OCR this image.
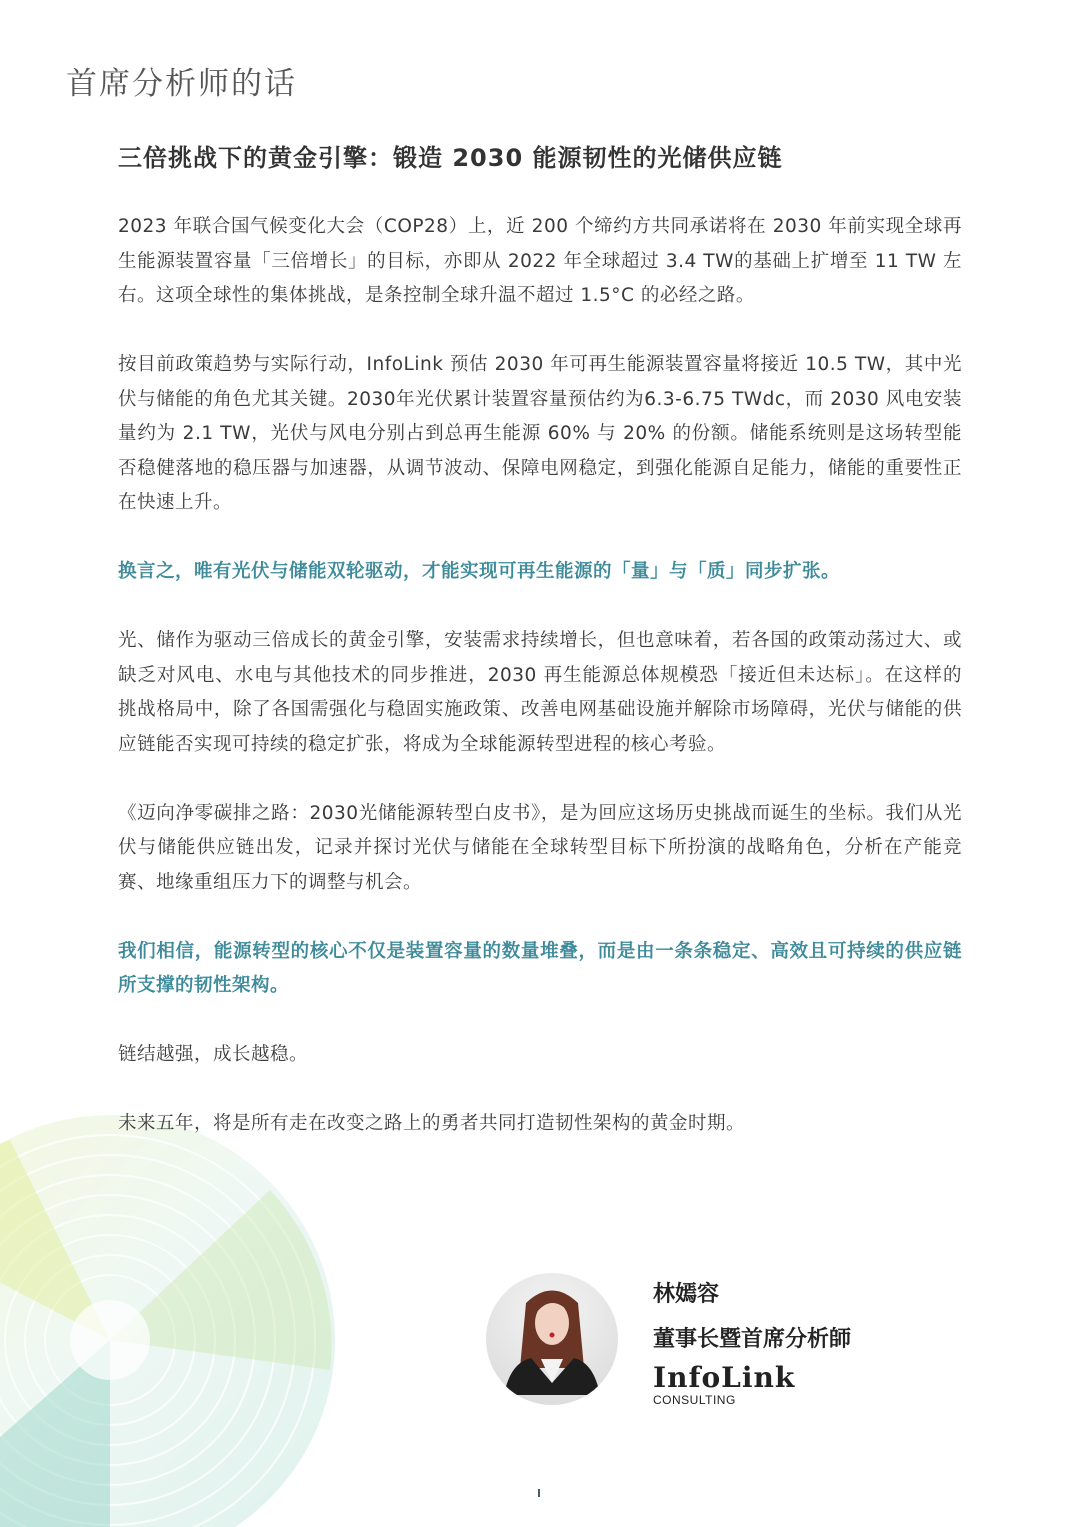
首席分析师的话
三倍挑战下的黄金引擎：锻造 2030 能源韧性的光储供应链

2023 年联合国气候变化大会（COP28）上，近 200 个缔约方共同承诺将在 2030 年前实现全球再生能源装置容量「三倍增长」的目标，亦即从 2022 年全球超过 3.4 TW的基础上扩增至 11 TW 左右。这项全球性的集体挑战，是条控制全球升温不超过 1.5°C 的必经之路。

按目前政策趋势与实际行动，InfoLink 预估 2030 年可再生能源装置容量将接近 10.5 TW，其中光伏与储能的角色尤其关键。2030年光伏累计装置容量预估约为6.3-6.75 TWdc，而 2030 风电安装量约为 2.1 TW，光伏与风电分别占到总再生能源 60% 与 20% 的份额。储能系统则是这场转型能否稳健落地的稳压器与加速器，从调节波动、保障电网稳定，到强化能源自足能力，储能的重要性正在快速上升。

换言之，唯有光伏与储能双轮驱动，才能实现可再生能源的「量」与「质」同步扩张。

光、储作为驱动三倍成长的黄金引擎，安装需求持续增长，但也意味着，若各国的政策动荡过大、或缺乏对风电、水电与其他技术的同步推进，2030 再生能源总体规模恐「接近但未达标」。在这样的挑战格局中，除了各国需强化与稳固实施政策、改善电网基础设施并解除市场障碍，光伏与储能的供应链能否实现可持续的稳定扩张，将成为全球能源转型进程的核心考验。

《迈向净零碳排之路：2030光储能源转型白皮书》，是为回应这场历史挑战而诞生的坐标。我们从光伏与储能供应链出发，记录并探讨光伏与储能在全球转型目标下所扮演的战略角色，分析在产能竞赛、地缘重组压力下的调整与机会。

我们相信，能源转型的核心不仅是装置容量的数量堆叠，而是由一条条稳定、高效且可持续的供应链所支撑的韧性架构。

链结越强，成长越稳。

未来五年，将是所有走在改变之路上的勇者共同打造韧性架构的黄金时期。

林嫣容
董事长暨首席分析師
InfoLink
CONSULTING
